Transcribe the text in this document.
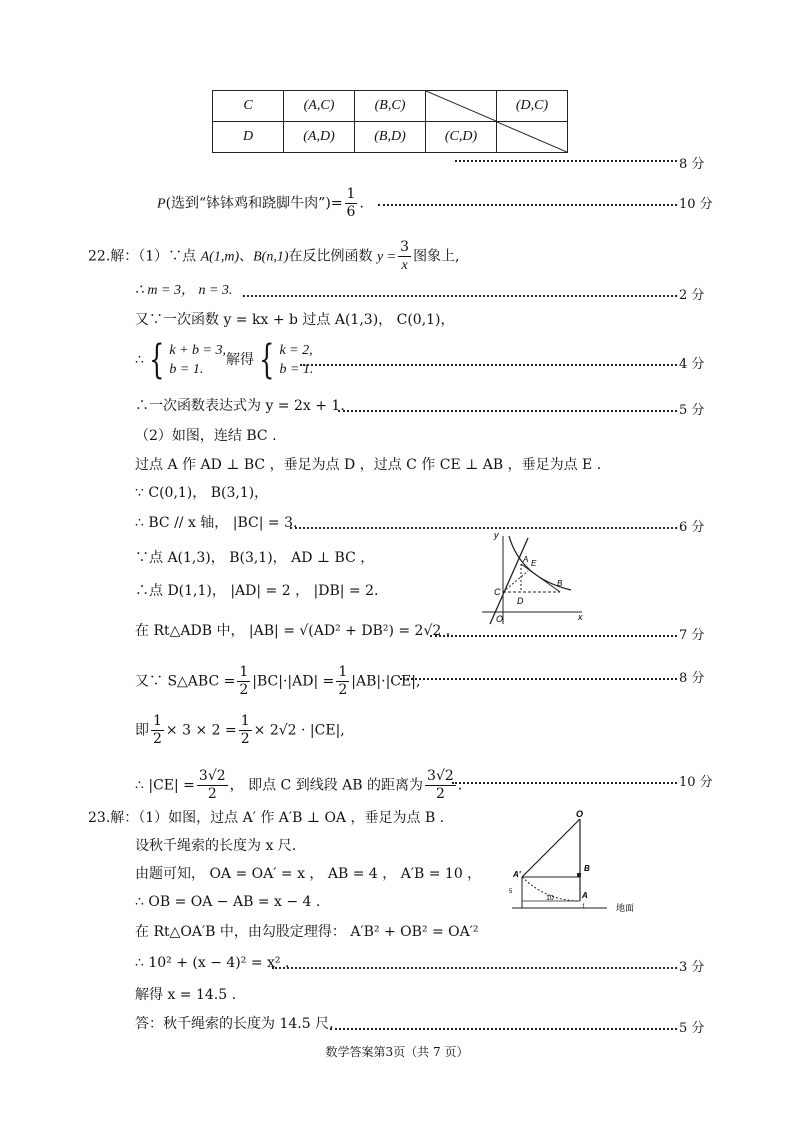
C	(A,C)	(B,C)		(D,C)
D	(A,D)	(B,D)	(C,D)	
8 分
P(选到“钵钵鸡和跷脚牛肉”)= $\frac{1}{6}$ .	10 分
22.解：（1）∵点 A(1,m)、B(n,1)在反比例函数 $y = \frac{3}{x}$ 图象上,
∴ m = 3， n = 3.	2 分
又∵一次函数 y = kx + b 过点 A(1,3)， C(0,1)，
∴ { k + b = 3,
b = 1.解得 { k = 2,
b = 1.	4 分
∴一次函数表达式为 y = 2x + 1.	5 分
（2）如图，连结 BC .
过点 A 作 AD ⊥ BC ，垂足为点 D ，过点 C 作 CE ⊥ AB ，垂足为点 E .
∵ C(0,1)， B(3,1)，
∴ BC // x 轴， |BC| = 3.	6 分
∵点 A(1,3)， B(3,1)， AD ⊥ BC ，
∴点 D(1,1)， |AD| = 2 ， |DB| = 2.
在 Rt△ADB 中， |AB| = √(AD² + DB²) = 2√2 .	7 分
又∵ S△ABC = $\frac{1}{2} |BC|\cdot|AD| = \frac{1}{2} |AB|\cdot|CE|$,	8 分
即 $\frac{1}{2} \times 3 \times 2 = \frac{1}{2} \times 2√2 \cdot |CE|$,
∴ $|CE| = \frac{3√2}{2}$ ， 即点 C 到线段 AB 的距离为 $\frac{3√2}{2}$ .	10 分
y
x
O
C
D
A E
B
23.解：（1）如图，过点 A′ 作 A′B ⊥ OA ，垂足为点 B .
设秋千绳索的长度为 x 尺.
由题可知， OA = OA′ = x ， AB = 4 ， A′B = 10 ，
∴ OB = OA − AB = x − 4 .
在 Rt△OA′B 中，由勾股定理得： A′B² + OB² = OA′²
∴ 10² + (x − 4)² = x² .	3 分
解得 x = 14.5 .
答：秋千绳索的长度为 14.5 尺.	5 分
O
A′
B
A
10
1
5
地面
数学答案第3页（共 7 页）
